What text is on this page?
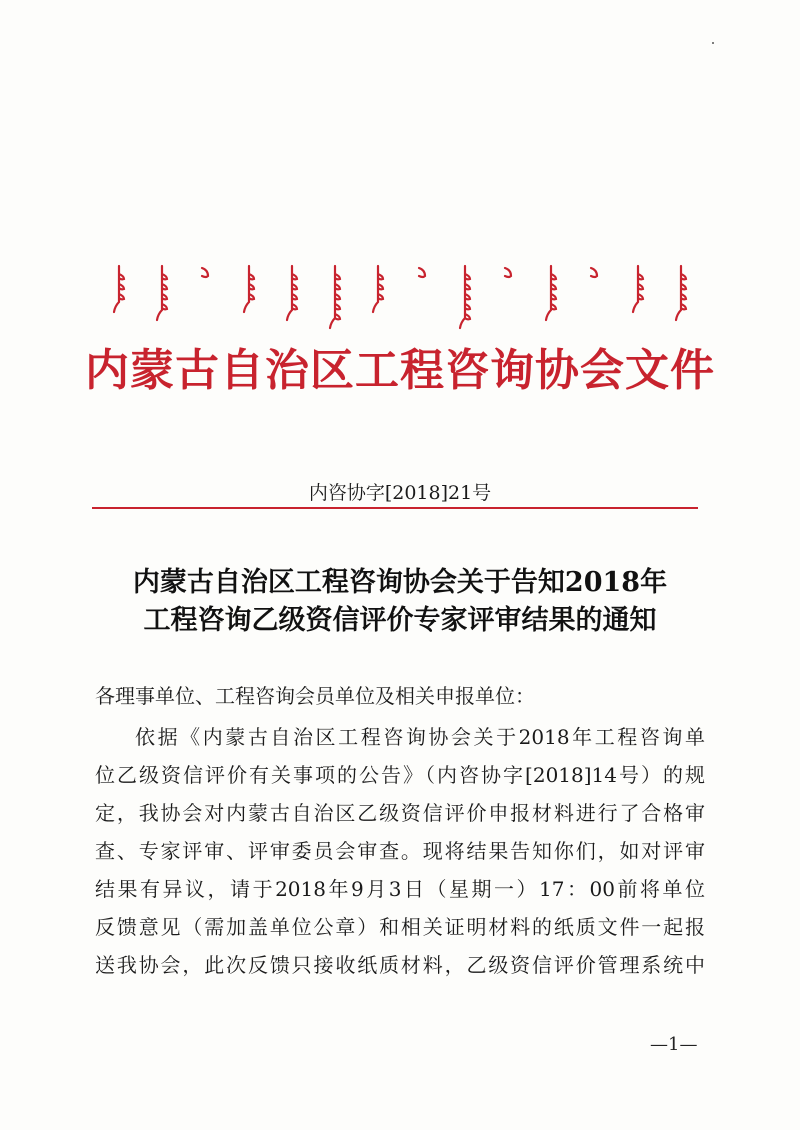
内蒙古自治区工程咨询协会文件
内咨协字[2018]21号
内蒙古自治区工程咨询协会关于告知2018年
工程咨询乙级资信评价专家评审结果的通知
各理事单位、工程咨询会员单位及相关申报单位：
依据《内蒙古自治区工程咨询协会关于2018年工程咨询单
位乙级资信评价有关事项的公告》（内咨协字[2018]14号）的规
定，我协会对内蒙古自治区乙级资信评价申报材料进行了合格审
查、专家评审、评审委员会审查。现将结果告知你们，如对评审
结果有异议，请于2018年9月3日（星期一）17：00前将单位
反馈意见（需加盖单位公章）和相关证明材料的纸质文件一起报
送我协会，此次反馈只接收纸质材料，乙级资信评价管理系统中
—1—
